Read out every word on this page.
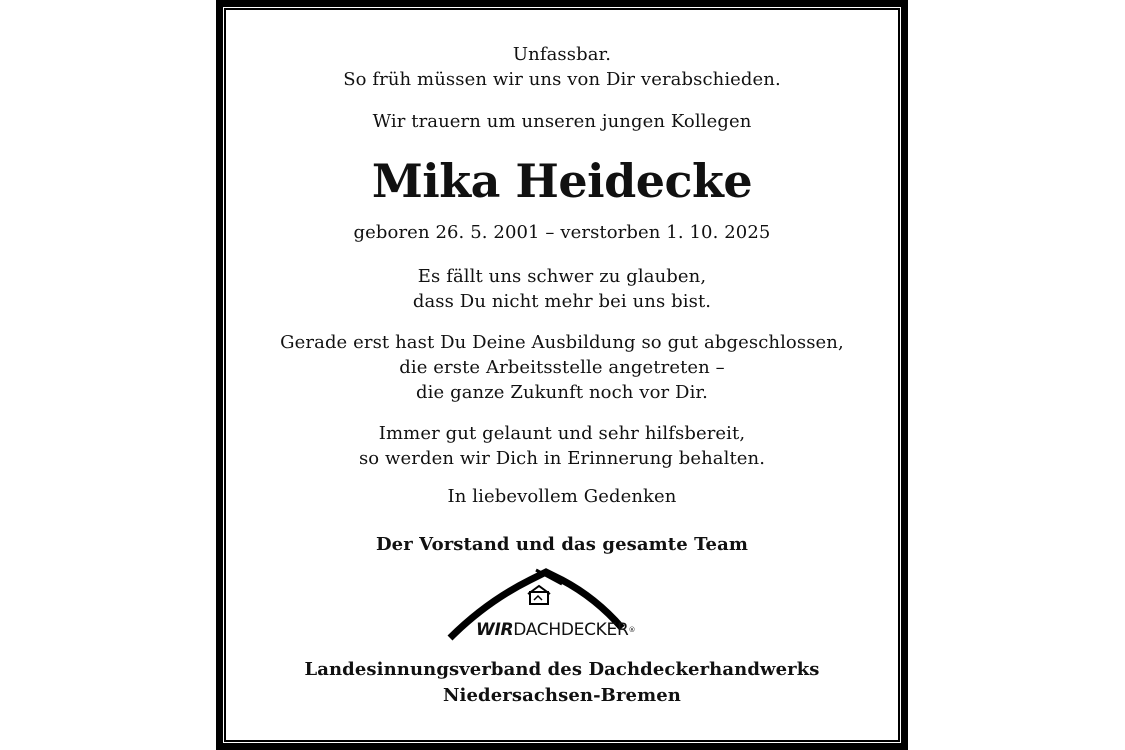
Unfassbar.
So früh müssen wir uns von Dir verabschieden.
Wir trauern um unseren jungen Kollegen
Mika Heidecke
geboren 26. 5. 2001 – verstorben 1. 10. 2025
Es fällt uns schwer zu glauben,
dass Du nicht mehr bei uns bist.
Gerade erst hast Du Deine Ausbildung so gut abgeschlossen,
die erste Arbeitsstelle angetreten –
die ganze Zukunft noch vor Dir.
Immer gut gelaunt und sehr hilfsbereit,
so werden wir Dich in Erinnerung behalten.
In liebevollem Gedenken
Der Vorstand und das gesamte Team
WIRDACHDECKER®
Landesinnungsverband des Dachdeckerhandwerks
Niedersachsen-Bremen
